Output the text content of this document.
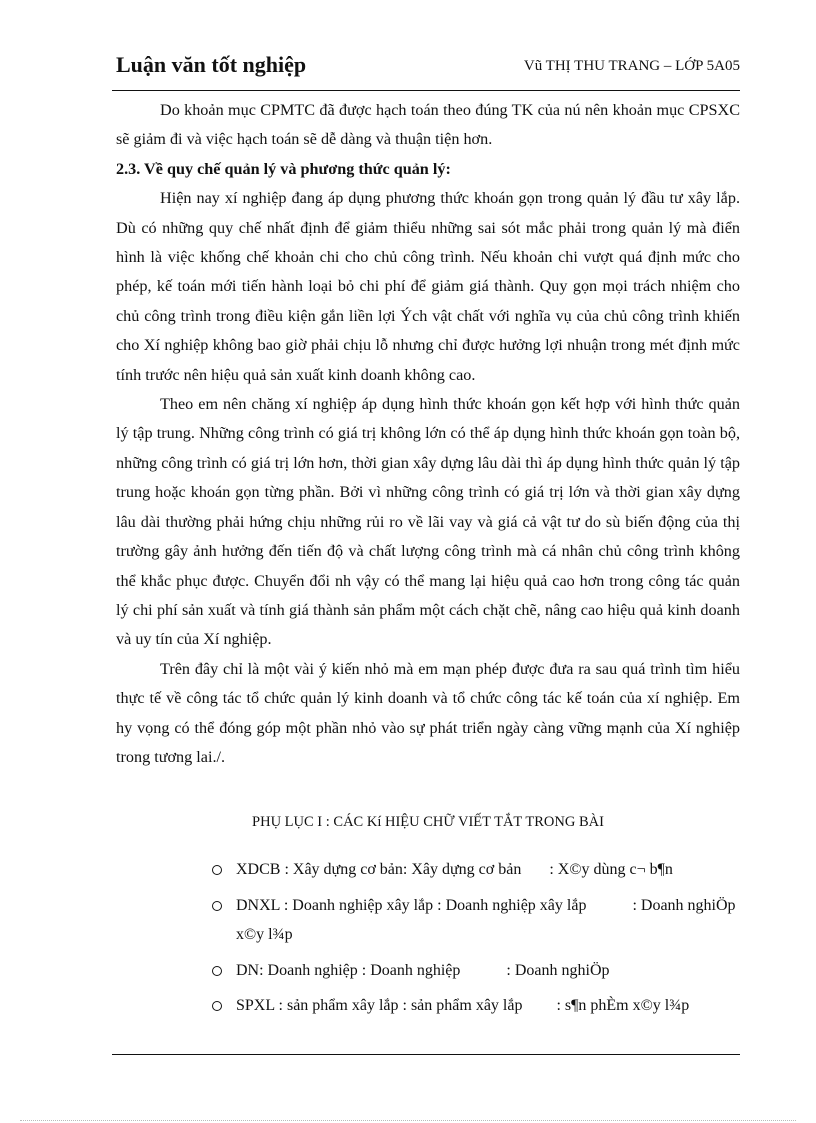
Luận văn tốt nghiệp	Vũ THỊ THU TRANG – LỚP 5A05

Do khoản mục CPMTC đã được hạch toán theo đúng TK của nú nên khoản mục CPSXC sẽ giảm đi và việc hạch toán sẽ dễ dàng và thuận tiện hơn.

2.3. Về quy chế quản lý và phương thức quản lý:

Hiện nay xí nghiệp đang áp dụng phương thức khoán gọn trong quản lý đầu tư xây lắp. Dù có những quy chế nhất định để giảm thiểu những sai sót mắc phải trong quản lý mà điển hình là việc khống chế khoản chi cho chủ công trình. Nếu khoản chi vượt quá định mức cho phép, kế toán mới tiến hành loại bỏ chi phí để giảm giá thành. Quy gọn mọi trách nhiệm cho chủ công trình trong điều kiện gắn liền lợi Ých vật chất với nghĩa vụ của chủ công trình khiến cho Xí nghiệp không bao giờ phải chịu lỗ nhưng chỉ được hưởng lợi nhuận trong mét định mức tính trước nên hiệu quả sản xuất kinh doanh không cao.

Theo em nên chăng xí nghiệp áp dụng hình thức khoán gọn kết hợp với hình thức quản lý tập trung. Những công trình có giá trị không lớn có thể áp dụng hình thức khoán gọn toàn bộ, những công trình có giá trị lớn hơn, thời gian xây dựng lâu dài thì áp dụng hình thức quản lý tập trung hoặc khoán gọn từng phần. Bởi vì những công trình có giá trị lớn và thời gian xây dựng lâu dài thường phải hứng chịu những rủi ro về lãi vay và giá cả vật tư do sù biến động của thị trường gây ảnh hưởng đến tiến độ và chất lượng công trình mà cá nhân chủ công trình không thể khắc phục được. Chuyển đổi nh vậy có thể mang lại hiệu quả cao hơn trong công tác quản lý chi phí sản xuất và tính giá thành sản phẩm một cách chặt chẽ, nâng cao hiệu quả kinh doanh và uy tín của Xí nghiệp.

Trên đây chỉ là một vài ý kiến nhỏ mà em mạn phép được đưa ra sau quá trình tìm hiểu thực tế về công tác tổ chức quản lý kinh doanh và tổ chức công tác kế toán của xí nghiệp. Em hy vọng có thể đóng góp một phần nhỏ vào sự phát triển ngày càng vững mạnh của Xí nghiệp trong tương lai./.

PHỤ LỤC I : CÁC Kí HIỆU CHỮ VIẾT TẮT TRONG BÀI
XDCB : Xây dựng cơ bản: Xây dựng cơ bản : X©y dùng c¬ b¶n
DNXL : Doanh nghiệp xây lắp : Doanh nghiệp xây lắp	: Doanh nghiÖp x©y l¾p
DN: Doanh nghiệp : Doanh nghiệp	: Doanh nghiÖp
SPXL : sản phẩm xây lắp : sản phẩm xây lắp : s¶n phÈm x©y l¾p
